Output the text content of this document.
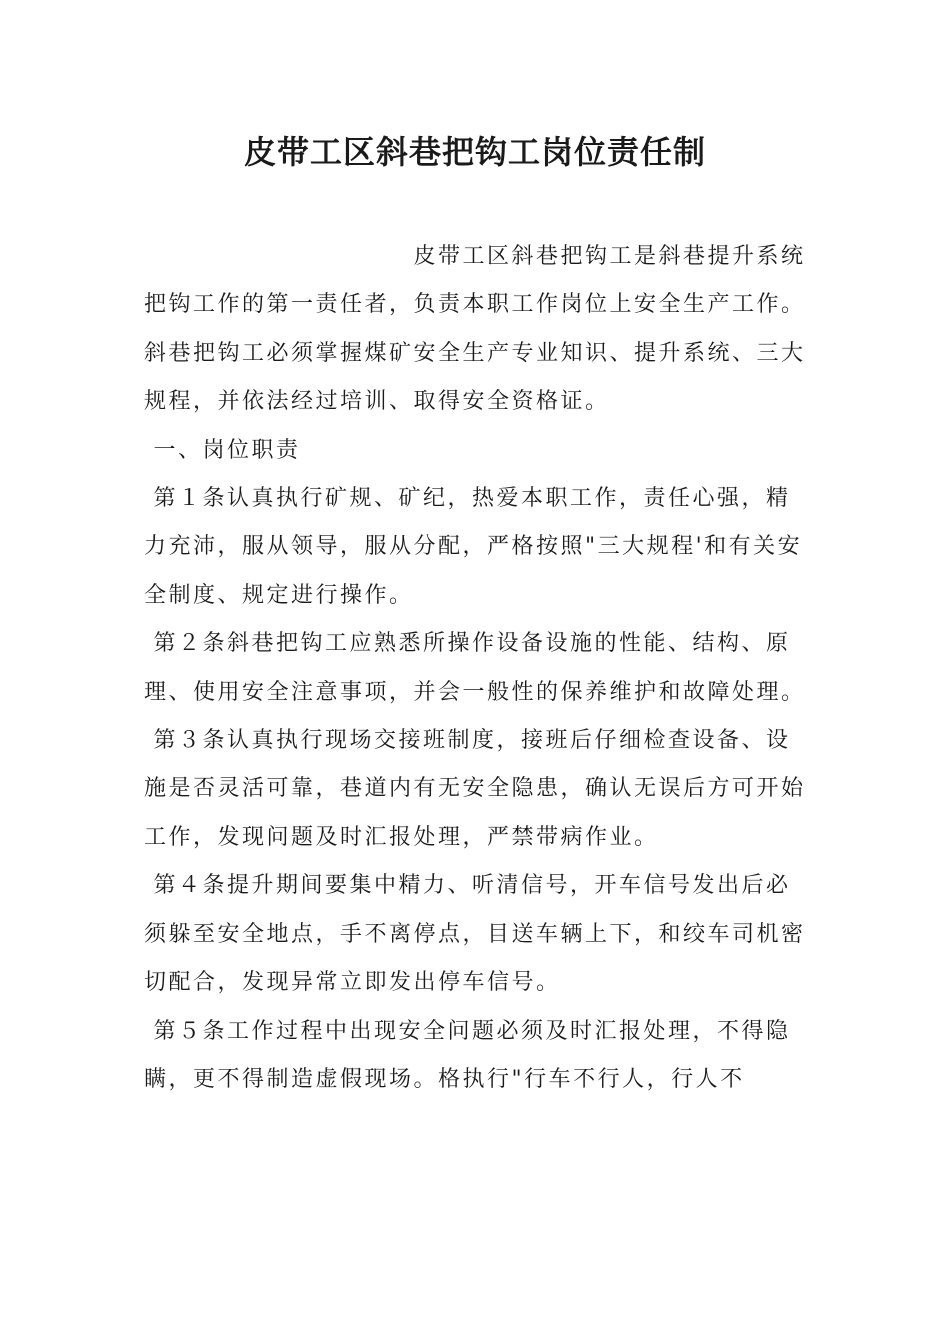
皮带工区斜巷把钩工岗位责任制

　　　　　　　　　　　皮带工区斜巷把钩工是斜巷提升系统把钩工作的第一责任者，负责本职工作岗位上安全生产工作。斜巷把钩工必须掌握煤矿安全生产专业知识、提升系统、三大规程，并依法经过培训、取得安全资格证。

一、岗位职责

第１条认真执行矿规、矿纪，热爱本职工作，责任心强，精力充沛，服从领导，服从分配，严格按照"三大规程'和有关安全制度、规定进行操作。

第２条斜巷把钩工应熟悉所操作设备设施的性能、结构、原理、使用安全注意事项，并会一般性的保养维护和故障处理。

第３条认真执行现场交接班制度，接班后仔细检查设备、设施是否灵活可靠，巷道内有无安全隐患，确认无误后方可开始工作，发现问题及时汇报处理，严禁带病作业。

第４条提升期间要集中精力、听清信号，开车信号发出后必须躲至安全地点，手不离停点，目送车辆上下，和绞车司机密切配合，发现异常立即发出停车信号。

第５条工作过程中出现安全问题必须及时汇报处理，不得隐瞒，更不得制造虚假现场。格执行"行车不行人，行人不
